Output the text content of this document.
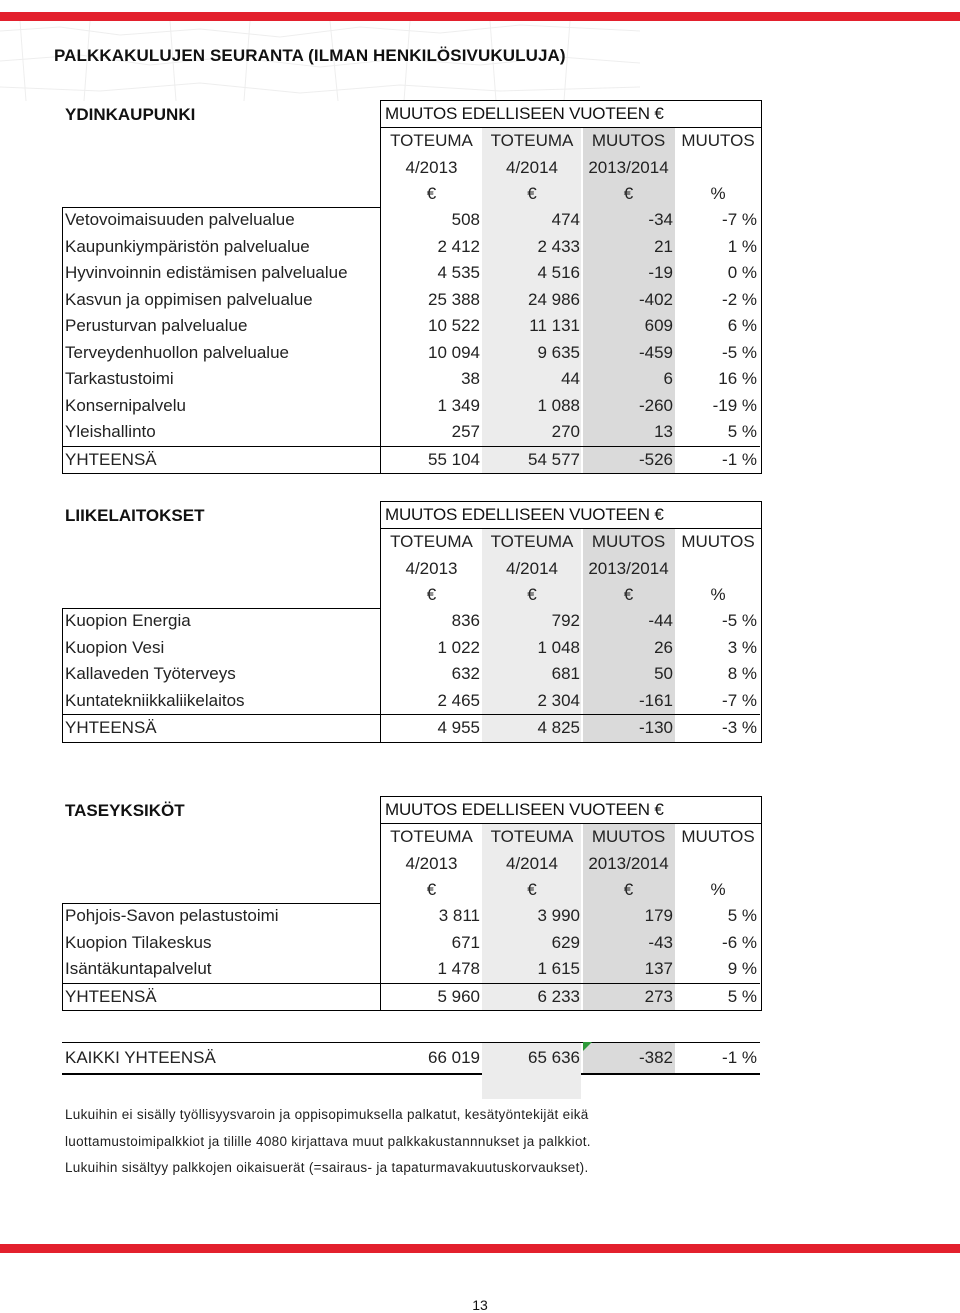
PALKKAKULUJEN SEURANTA (ILMAN HENKILÖSIVUKULUJA)
YDINKAUPUNKI	MUUTOS EDELLISEEN VUOTEEN €
TOTEUMA
4/2013
€
TOTEUMA
4/2014
€
MUUTOS
2013/2014
€
MUUTOS
%
Vetovoimaisuuden palvelualue	508	474	-34	-7 %
Kaupunkiympäristön palvelualue	2 412	2 433	21	1 %
Hyvinvoinnin edistämisen palvelualue	4 535	4 516	-19	0 %
Kasvun ja oppimisen palvelualue	25 388	24 986	-402	-2 %
Perusturvan palvelualue	10 522	11 131	609	6 %
Terveydenhuollon palvelualue	10 094	9 635	-459	-5 %
Tarkastustoimi	38	44	6	16 %
Konsernipalvelu	1 349	1 088	-260 -19 %
Yleishallinto	257	270	13	5 %
YHTEENSÄ	55 104	54 577	-526	-1 %
LIIKELAITOKSET	MUUTOS EDELLISEEN VUOTEEN €
TOTEUMA
4/2013
€
TOTEUMA
4/2014
€
MUUTOS
2013/2014
€
MUUTOS
%
Kuopion Energia	836	792	-44	-5 %
Kuopion Vesi	1 022	1 048	26	3 %
Kallaveden Työterveys	632	681	50	8 %
Kuntatekniikkaliikelaitos	2 465	2 304	-161	-7 %
YHTEENSÄ	4 955	4 825	-130	-3 %
TASEYKSIKÖT	MUUTOS EDELLISEEN VUOTEEN €
TOTEUMA
4/2013
€
TOTEUMA
4/2014
€
MUUTOS
2013/2014
€
MUUTOS
%
Pohjois-Savon pelastustoimi	3 811	3 990	179	5 %
Kuopion Tilakeskus	671	629	-43	-6 %
Isäntäkuntapalvelut	1 478	1 615	137	9 %
YHTEENSÄ	5 960	6 233	273	5 %
KAIKKI YHTEENSÄ	66 019	65 636	-382	-1 %
Lukuihin ei sisälly työllisyysvaroin ja oppisopimuksella palkatut, kesätyöntekijät eikä
luottamustoimipalkkiot ja tilille 4080 kirjattava muut palkkakustannnukset ja palkkiot.
Lukuihin sisältyy palkkojen oikaisuerät (=sairaus- ja tapaturmavakuutuskorvaukset).
13
